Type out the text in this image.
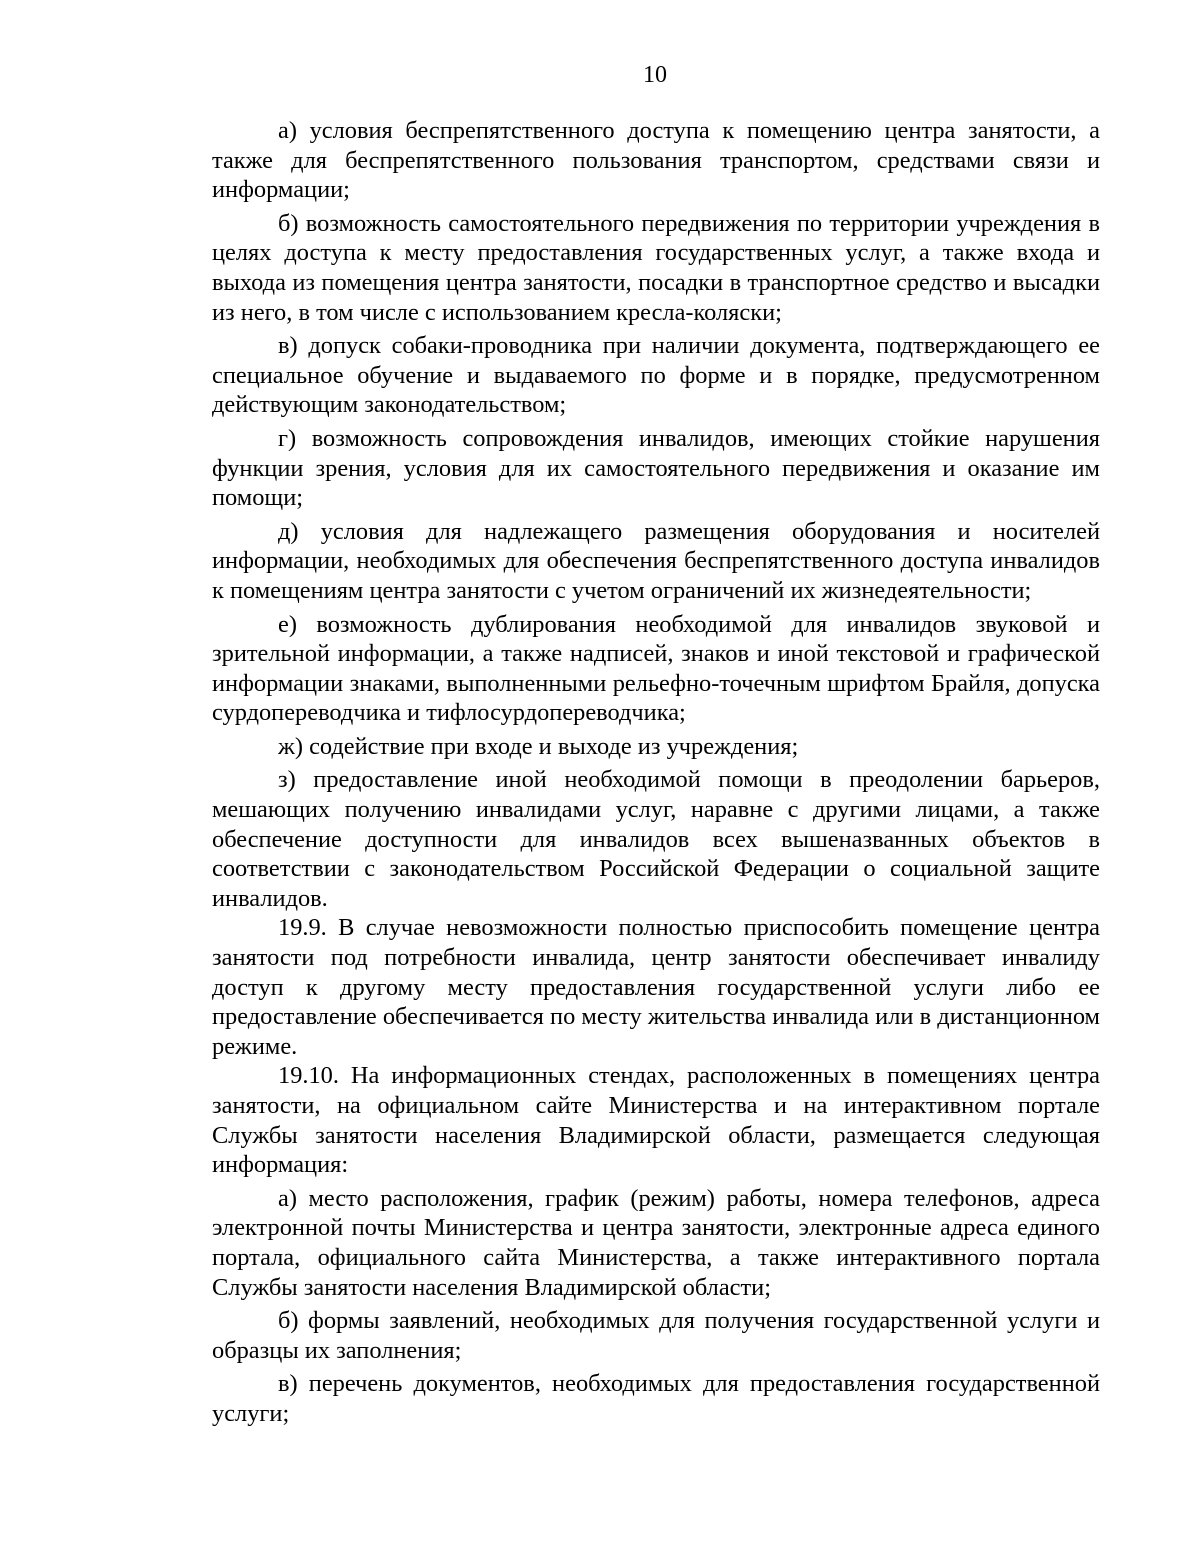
10

а) условия беспрепятственного доступа к помещению центра занятости, а также для беспрепятственного пользования транспортом, средствами связи и информации;

б) возможность самостоятельного передвижения по территории учреждения в целях доступа к месту предоставления государственных услуг, а также входа и выхода из помещения центра занятости, посадки в транспортное средство и высадки из него, в том числе с использованием кресла-коляски;

в) допуск собаки-проводника при наличии документа, подтверждающего ее специальное обучение и выдаваемого по форме и в порядке, предусмотренном действующим законодательством;

г) возможность сопровождения инвалидов, имеющих стойкие нарушения функции зрения, условия для их самостоятельного передвижения и оказание им помощи;

д) условия для надлежащего размещения оборудования и носителей информации, необходимых для обеспечения беспрепятственного доступа инвалидов к помещениям центра занятости с учетом ограничений их жизнедеятельности;

е) возможность дублирования необходимой для инвалидов звуковой и зрительной информации, а также надписей, знаков и иной текстовой и графической информации знаками, выполненными рельефно-точечным шрифтом Брайля, допуска сурдопереводчика и тифлосурдопереводчика;

ж) содействие при входе и выходе из учреждения;

з) предоставление иной необходимой помощи в преодолении барьеров, мешающих получению инвалидами услуг, наравне с другими лицами, а также обеспечение доступности для инвалидов всех вышеназванных объектов в соответствии с законодательством Российской Федерации о социальной защите инвалидов.

19.9. В случае невозможности полностью приспособить помещение центра занятости под потребности инвалида, центр занятости обеспечивает инвалиду доступ к другому месту предоставления государственной услуги либо ее предоставление обеспечивается по месту жительства инвалида или в дистанционном режиме.

19.10. На информационных стендах, расположенных в помещениях центра занятости, на официальном сайте Министерства и на интерактивном портале Службы занятости населения Владимирской области, размещается следующая информация:

а) место расположения, график (режим) работы, номера телефонов, адреса электронной почты Министерства и центра занятости, электронные адреса единого портала, официального сайта Министерства, а также интерактивного портала Службы занятости населения Владимирской области;

б) формы заявлений, необходимых для получения государственной услуги и образцы их заполнения;

в) перечень документов, необходимых для предоставления государственной услуги;
